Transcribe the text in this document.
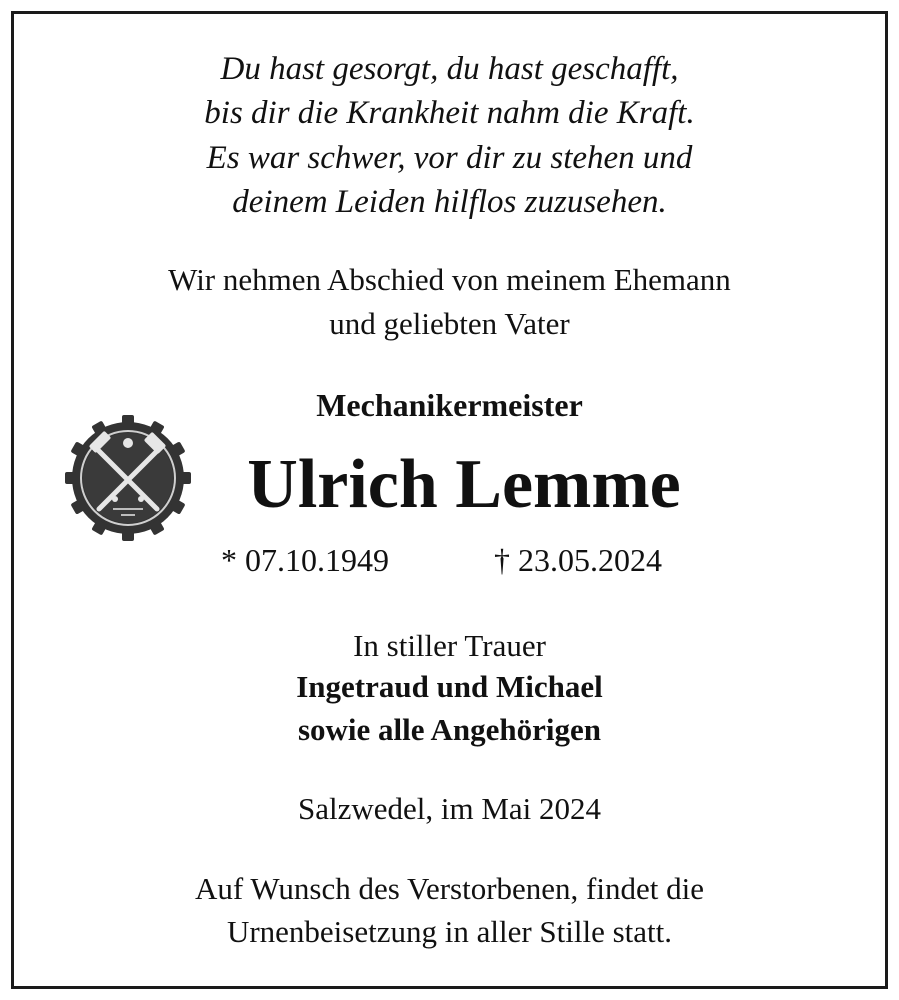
Du hast gesorgt, du hast geschafft,

bis dir die Krankheit nahm die Kraft.

Es war schwer, vor dir zu stehen und

deinem Leiden hilflos zuzusehen.

Wir nehmen Abschied von meinem Ehemann

und geliebten Vater

Mechanikermeister

Ulrich Lemme
* 07.10.1949	† 23.05.2024

In stiller Trauer

Ingetraud und Michael

sowie alle Angehörigen

Salzwedel, im Mai 2024

Auf Wunsch des Verstorbenen, findet die

Urnenbeisetzung in aller Stille statt.
